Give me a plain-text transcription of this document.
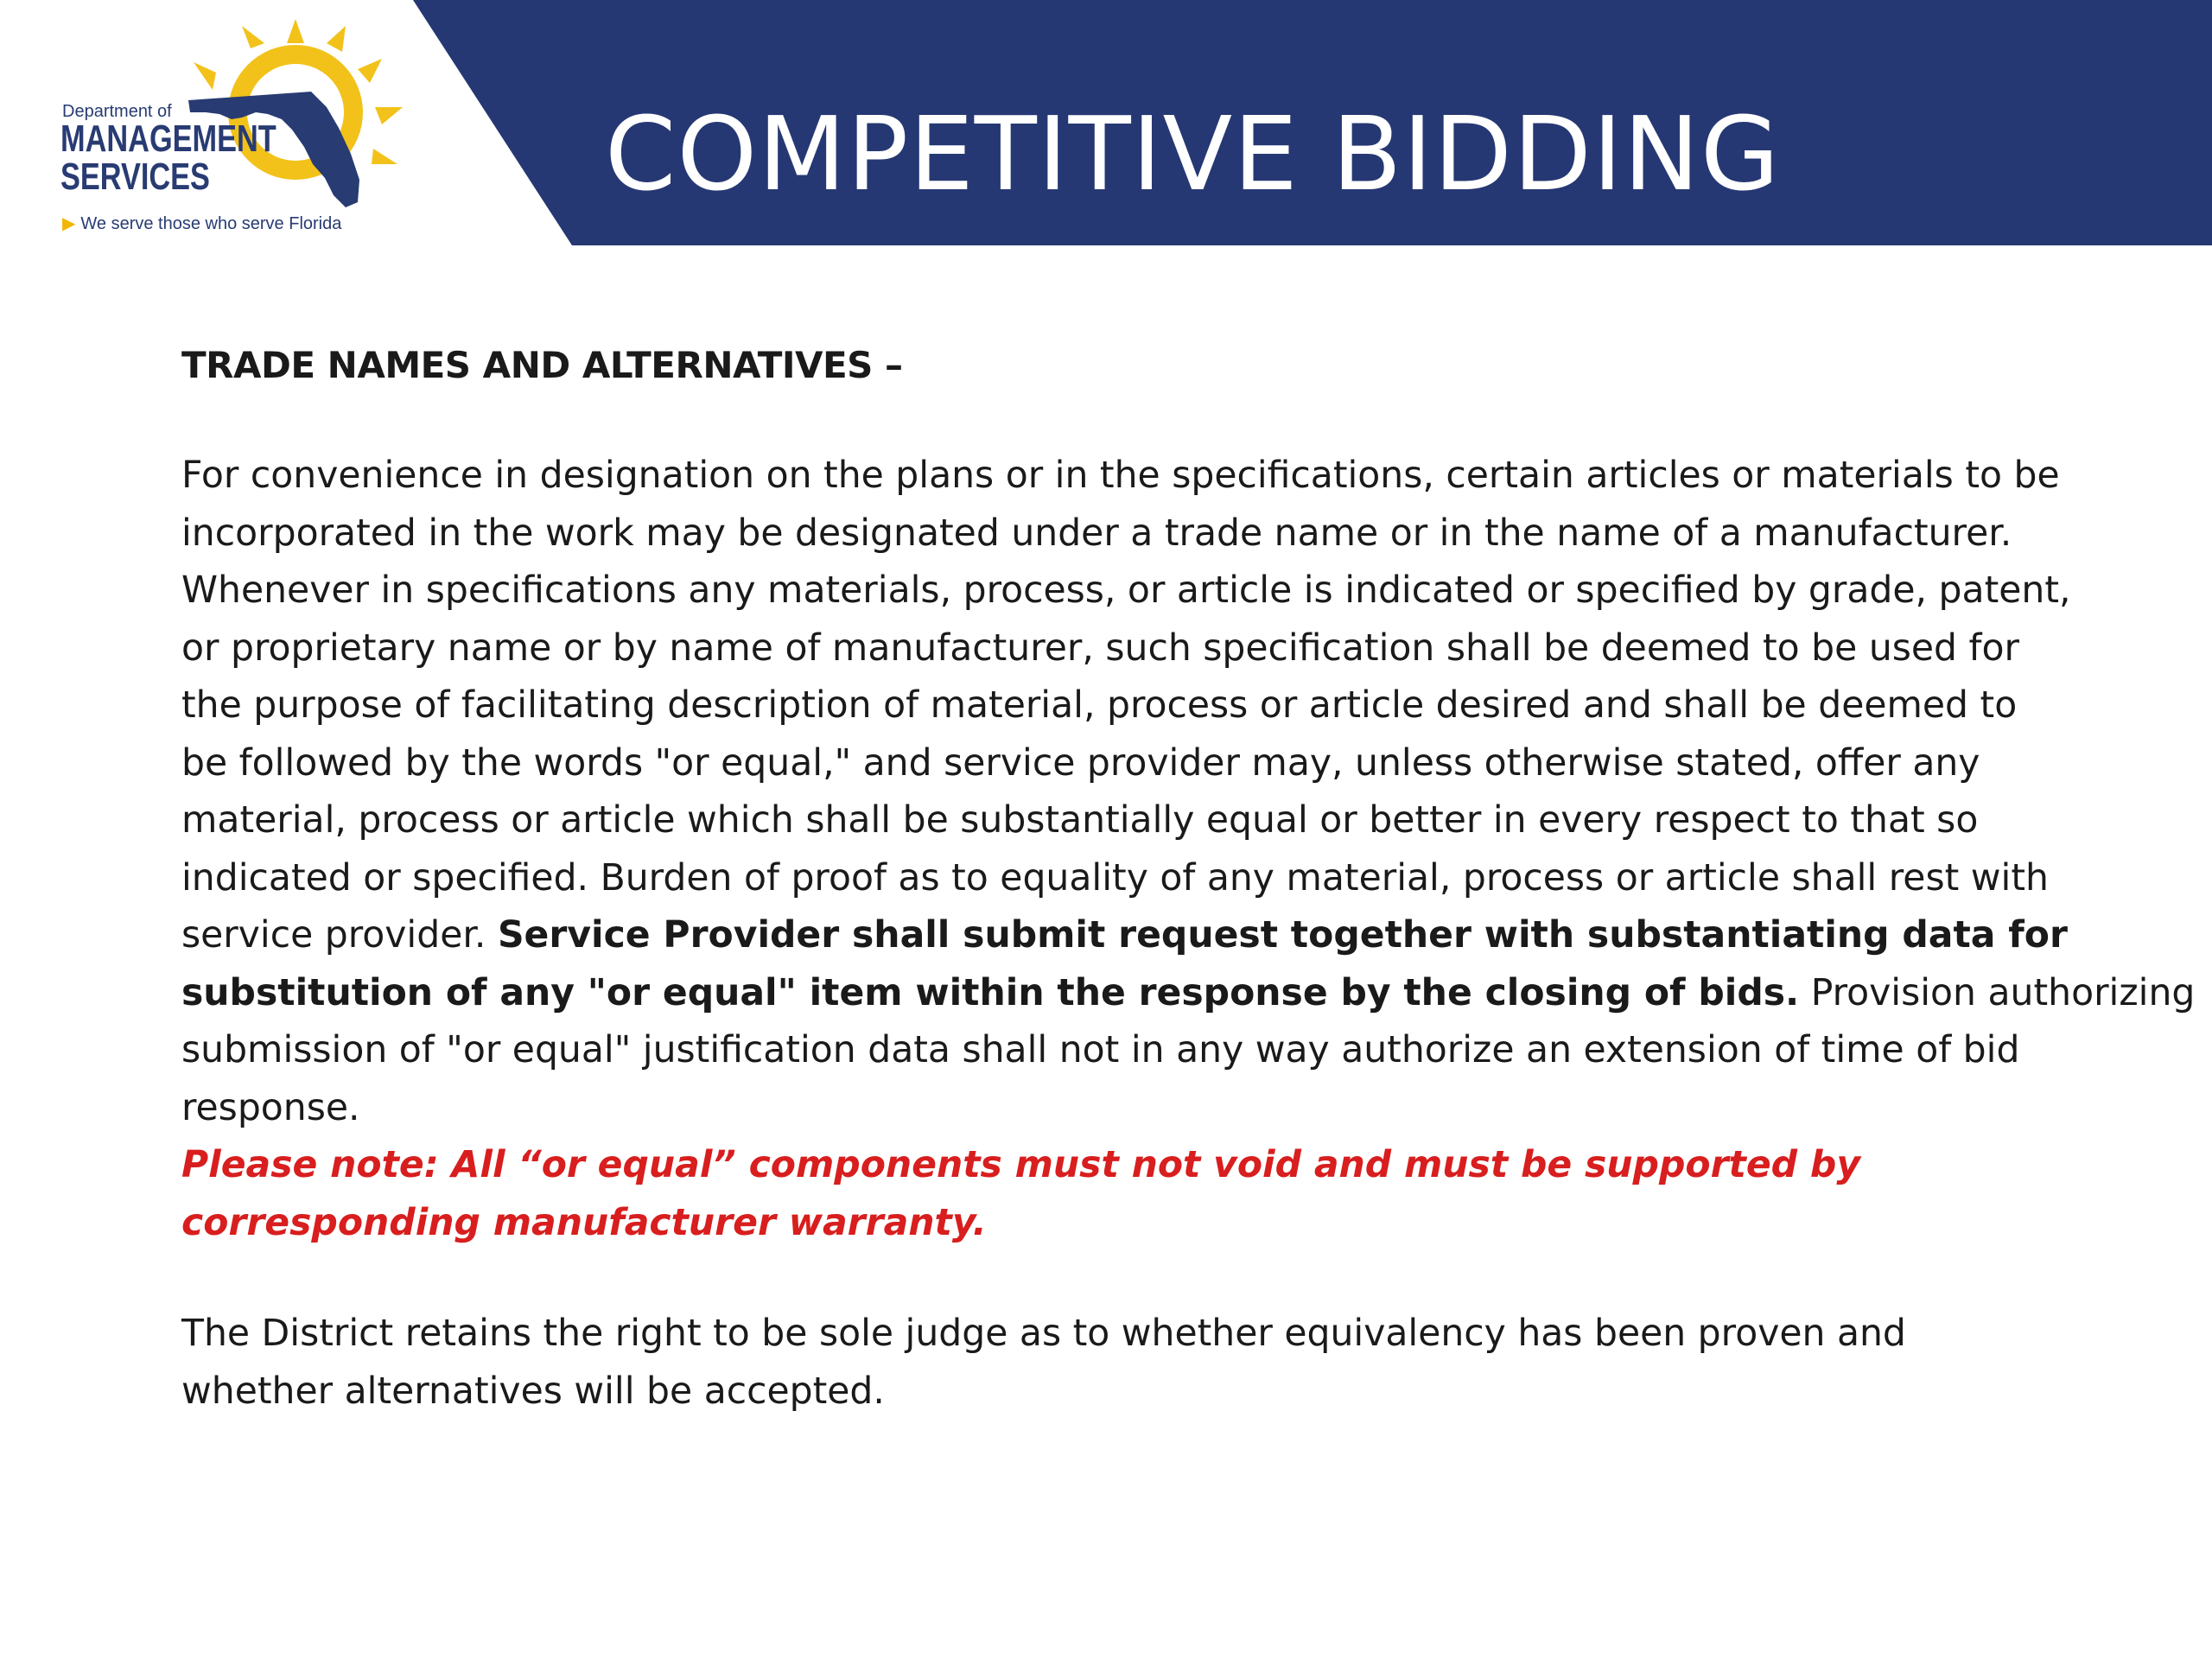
COMPETITIVE BIDDING
Department of
MANAGEMENT
SERVICES
▶ We serve those who serve Florida
TRADE NAMES AND ALTERNATIVES –

For convenience in designation on the plans or in the specifications, certain articles or materials to be
incorporated in the work may be designated under a trade name or in the name of a manufacturer.
Whenever in specifications any materials, process, or article is indicated or specified by grade, patent,
or proprietary name or by name of manufacturer, such specification shall be deemed to be used for
the purpose of facilitating description of material, process or article desired and shall be deemed to
be followed by the words "or equal," and service provider may, unless otherwise stated, offer any
material, process or article which shall be substantially equal or better in every respect to that so
indicated or specified. Burden of proof as to equality of any material, process or article shall rest with
service provider. Service Provider shall submit request together with substantiating data for
substitution of any "or equal" item within the response by the closing of bids. Provision authorizing
submission of "or equal" justification data shall not in any way authorize an extension of time of bid
response.

Please note: All “or equal” components must not void and must be supported by
corresponding manufacturer warranty.

The District retains the right to be sole judge as to whether equivalency has been proven and
whether alternatives will be accepted.
